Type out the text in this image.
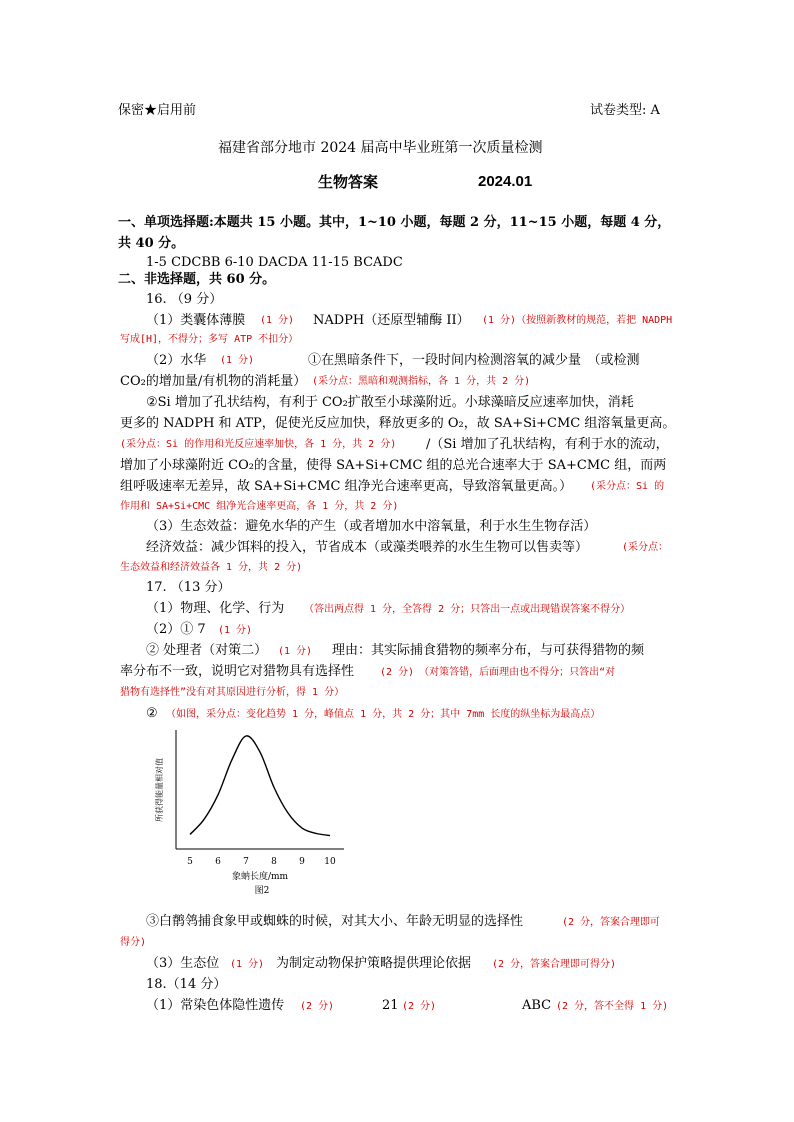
保密★启用前	试卷类型: A
福建省部分地市 2024 届高中毕业班第一次质量检测
生物答案	2024.01
一、单项选择题:本题共 15 小题。其中，1~10 小题，每题 2 分，11~15 小题，每题 4 分，
共 40 分。
1-5 CDCBB 6-10 DACDA 11-15 BCADC
二、非选择题，共 60 分。
16. （9 分）
（1）类囊体薄膜 (1 分) NADPH（还原型辅酶 II） (1 分)（按照新教材的规范，若把 NADPH
写成[H]，不得分；多写 ATP 不扣分）
（2）水华 (1 分)	①在黑暗条件下，一段时间内检测溶氧的减少量　（或检测
CO₂的增加量/有机物的消耗量） (采分点：黑暗和观测指标，各 1 分，共 2 分)
②Si 增加了孔状结构，有利于 CO₂扩散至小球藻附近。小球藻暗反应速率加快，消耗
更多的 NADPH 和 ATP，促使光反应加快，释放更多的 O₂，故 SA+Si+CMC 组溶氧量更高。
(采分点：Si 的作用和光反应速率加快，各 1 分，共 2 分) /（Si 增加了孔状结构，有利于水的流动，
增加了小球藻附近 CO₂的含量，使得 SA+Si+CMC 组的总光合速率大于 SA+CMC 组，而两
组呼吸速率无差异，故 SA+Si+CMC 组净光合速率更高，导致溶氧量更高。） (采分点：Si 的
作用和 SA+Si+CMC 组净光合速率更高，各 1 分，共 2 分)
（3）生态效益：避免水华的产生（或者增加水中溶氧量，利于水生生物存活）
经济效益：减少饵料的投入，节省成本（或藻类喂养的水生生物可以售卖等）	(采分点：
生态效益和经济效益各 1 分，共 2 分)
17. （13 分）
（1）物理、化学、行为 （答出两点得 1 分，全答得 2 分；只答出一点或出现错误答案不得分）
（2）① 7 (1 分)
② 处理者（对策二） (1 分) 理由：其实际捕食猎物的频率分布，与可获得猎物的频
率分布不一致，说明它对猎物具有选择性	(2 分)　（对策答错，后面理由也不得分；只答出“对
猎物有选择性”没有对其原因进行分析，得 1 分）
② （如图，采分点：变化趋势 1 分，峰值点 1 分，共 2 分；其中 7mm 长度的纵坐标为最高点）
5 6 7 8 9 10
所获得能量相对值
象蚋长度/mm
图2
③白鹡鸰捕食象甲或蜘蛛的时候，对其大小、年龄无明显的选择性	(2 分，答案合理即可
得分)
（3）生态位 (1 分) 为制定动物保护策略提供理论依据 (2 分，答案合理即可得分)
18.（14 分）
（1）常染色体隐性遗传 (2 分)	21 (2 分)	ABC (2 分，答不全得 1 分)
